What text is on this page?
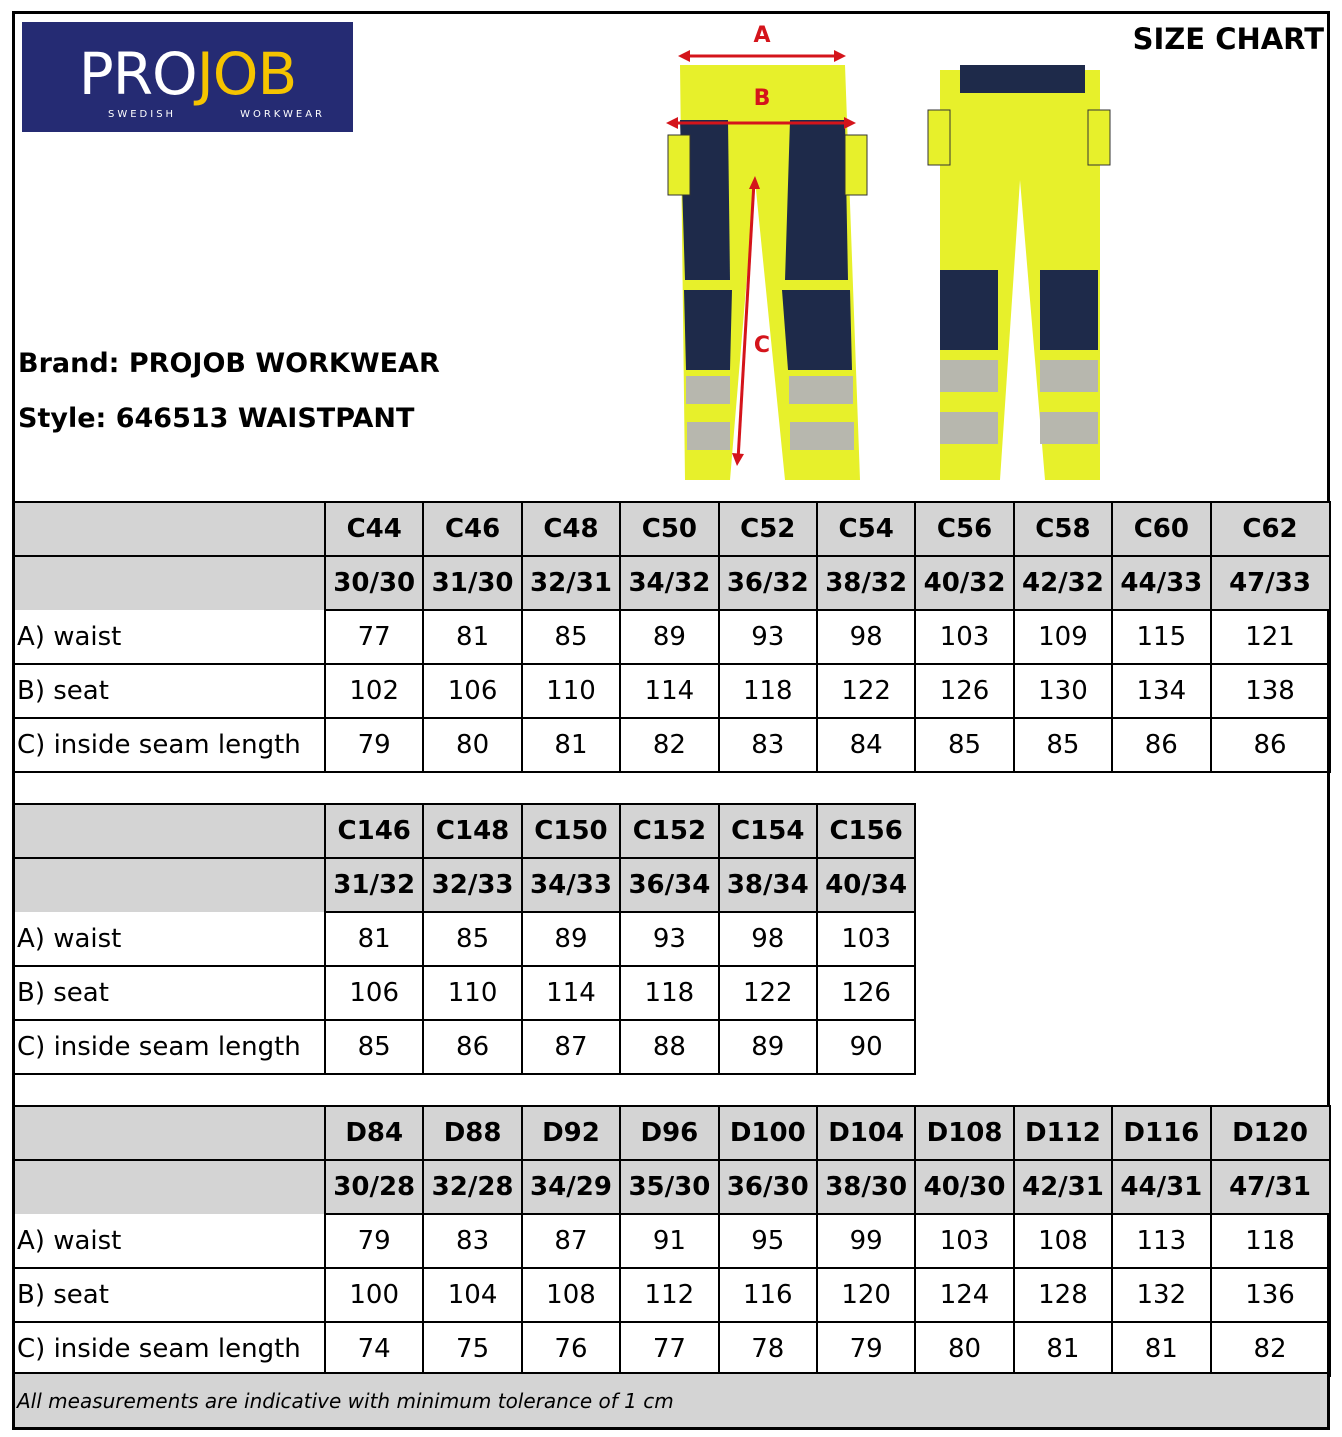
PROJOB
SWEDISH	WORKWEAR
SIZE CHART
Brand: PROJOB WORKWEAR
Style: 646513 WAISTPANT
A
B
C
	C44	C46	C48	C50	C52	C54	C56	C58	C60	C62
	30/30	31/30	32/31	34/32	36/32	38/32	40/32	42/32	44/33	47/33
A) waist	77	81	85	89	93	98	103	109	115	121
B) seat	102	106	110	114	118	122	126	130	134	138
C) inside seam length	79	80	81	82	83	84	85	85	86	86
	C146	C148	C150	C152	C154	C156
	31/32	32/33	34/33	36/34	38/34	40/34
A) waist	81	85	89	93	98	103
B) seat	106	110	114	118	122	126
C) inside seam length	85	86	87	88	89	90
	D84	D88	D92	D96	D100	D104	D108	D112	D116	D120
	30/28	32/28	34/29	35/30	36/30	38/30	40/30	42/31	44/31	47/31
A) waist	79	83	87	91	95	99	103	108	113	118
B) seat	100	104	108	112	116	120	124	128	132	136
C) inside seam length	74	75	76	77	78	79	80	81	81	82
All measurements are indicative with minimum tolerance of 1 cm
